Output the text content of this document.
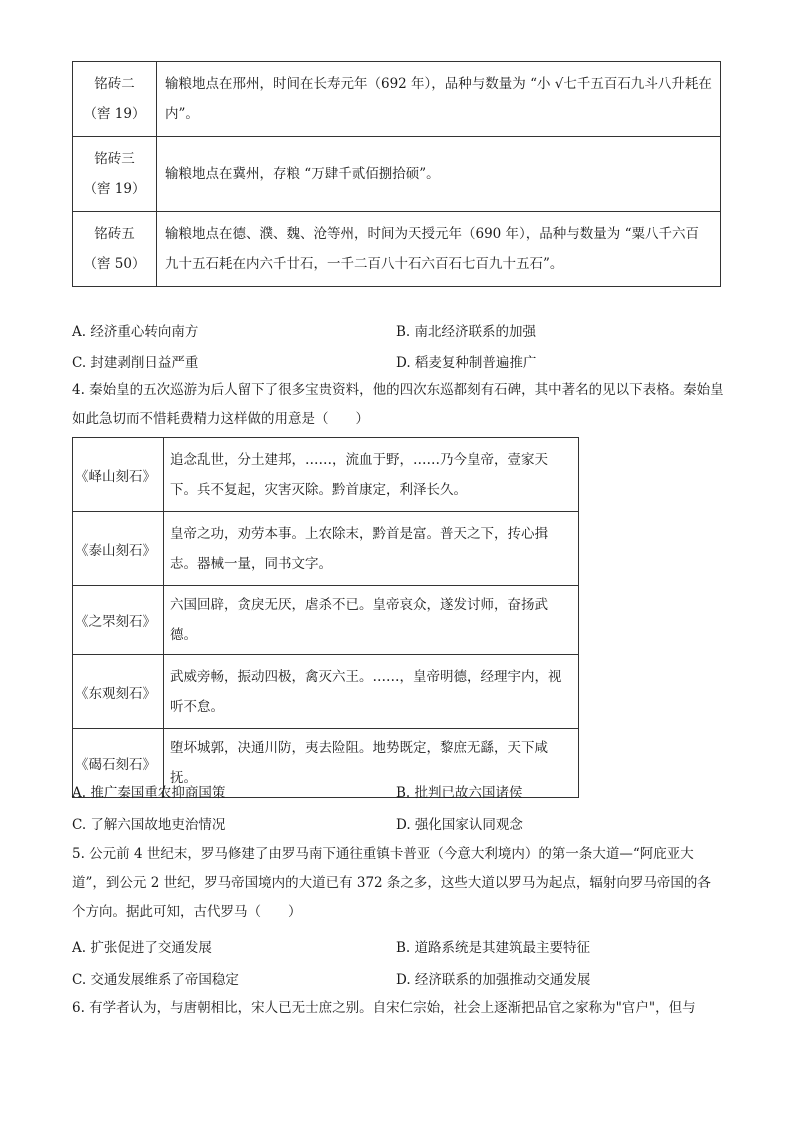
铭砖二
（窖 19）	输粮地点在邢州，时间在长寿元年（692 年），品种与数量为 “小 √七千五百石九斗八升耗在内”。

铭砖三
（窖 19）	输粮地点在冀州，存粮 “万肆千贰佰捌拾硕”。

铭砖五
（窖 50）	输粮地点在德、濮、魏、沧等州，时间为天授元年（690 年），品种与数量为 “粟八千六百九十五石耗在内六千廿石，一千二百八十石六百石七百九十五石”。
A. 经济重心转向南方	B. 南北经济联系的加强
C. 封建剥削日益严重	D. 稻麦复种制普遍推广
4. 秦始皇的五次巡游为后人留下了很多宝贵资料，他的四次东巡都刻有石碑，其中著名的见以下表格。秦始皇如此急切而不惜耗费精力这样做的用意是（　　）
《峄山刻石》	追念乱世，分土建邦，……，流血于野，……乃今皇帝，壹家天下。兵不复起，灾害灭除。黔首康定，利泽长久。
《泰山刻石》	皇帝之功，劝劳本事。上农除末，黔首是富。普天之下，抟心揖志。器械一量，同书文字。
《之罘刻石》	六国回辟，贪戾无厌，虐杀不已。皇帝哀众，遂发讨师，奋扬武德。
《东观刻石》	武威旁畅，振动四极，禽灭六王。……，皇帝明德，经理宇内，视听不怠。
《碣石刻石》	堕坏城郭，决通川防，夷去险阻。地势既定，黎庶无繇，天下咸抚。
A. 推广秦国重农抑商国策	B. 批判已故六国诸侯
C. 了解六国故地吏治情况	D. 强化国家认同观念
5. 公元前 4 世纪末，罗马修建了由罗马南下通往重镇卡普亚（今意大利境内）的第一条大道—“阿庇亚大道”，到公元 2 世纪，罗马帝国境内的大道已有 372 条之多，这些大道以罗马为起点，辐射向罗马帝国的各个方向。据此可知，古代罗马（　　）
A. 扩张促进了交通发展	B. 道路系统是其建筑最主要特征
C. 交通发展维系了帝国稳定	D. 经济联系的加强推动交通发展
6. 有学者认为，与唐朝相比，宋人已无士庶之别。自宋仁宗始，社会上逐渐把品官之家称为"官户"，但与
